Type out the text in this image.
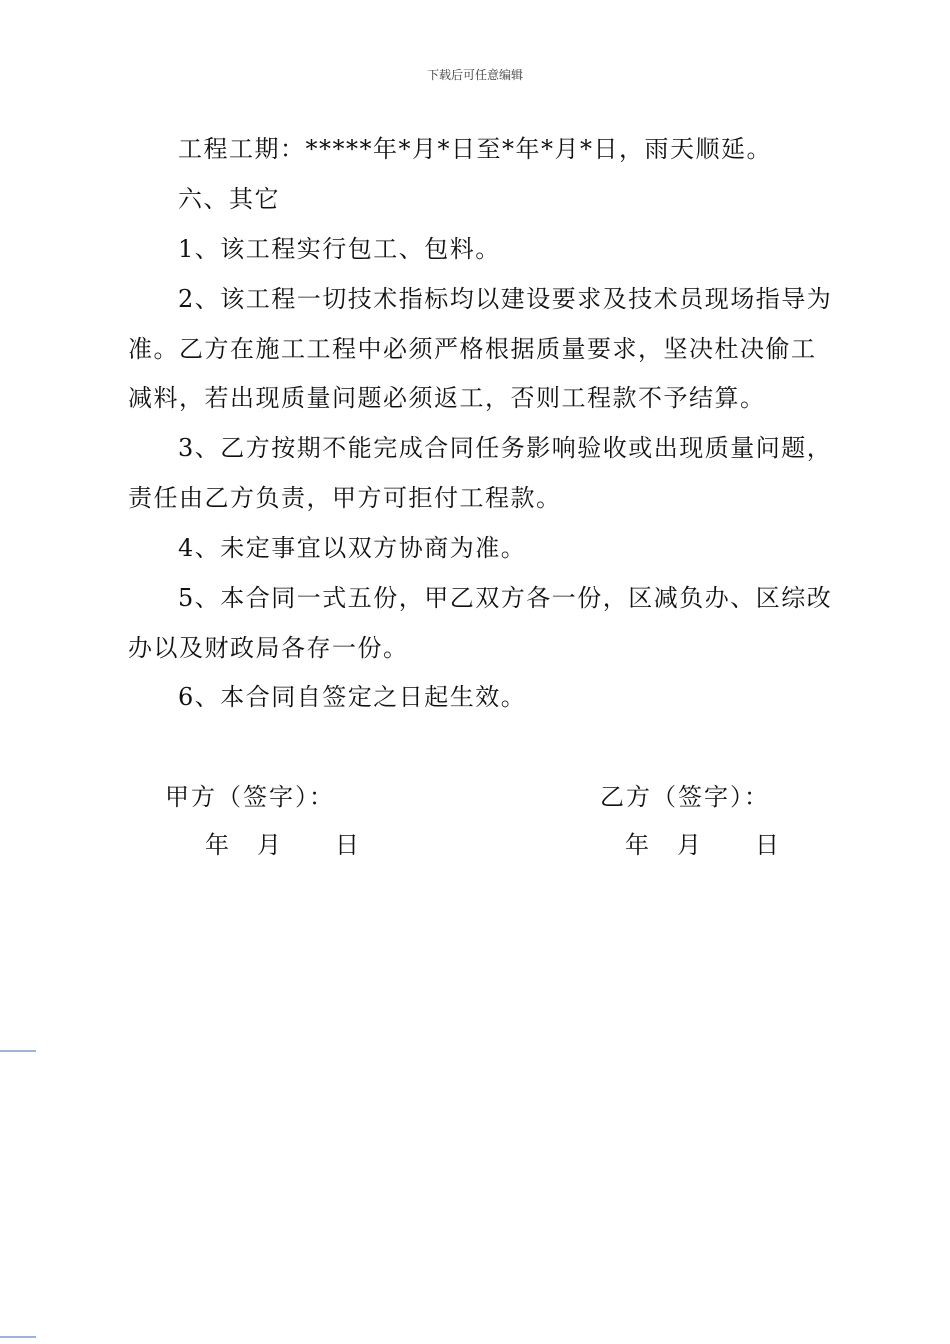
下载后可任意编辑

工程工期：*****年*月*日至*年*月*日，雨天顺延。

六、其它

1、该工程实行包工、包料。

2、该工程一切技术指标均以建设要求及技术员现场指导为
准。乙方在施工工程中必须严格根据质量要求，坚决杜决偷工
减料，若出现质量问题必须返工，否则工程款不予结算。

3、乙方按期不能完成合同任务影响验收或出现质量问题，
责任由乙方负责，甲方可拒付工程款。

4、未定事宜以双方协商为准。

5、本合同一式五份，甲乙双方各一份，区减负办、区综改
办以及财政局各存一份。

6、本合同自签定之日起生效。

甲方（签字）：
年　月　　日
乙方（签字）：
年　月　　日
